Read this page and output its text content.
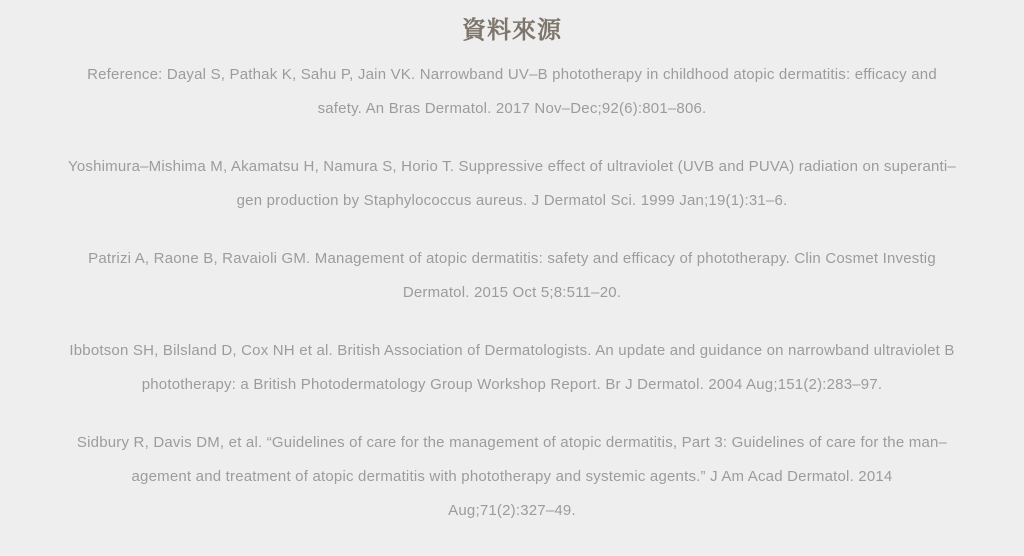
資料來源
Reference: Dayal S, Pathak K, Sahu P, Jain VK. Narrowband UV–B phototherapy in childhood atopic dermatitis: efficacy and
safety. An Bras Dermatol. 2017 Nov–Dec;92(6):801–806.
Yoshimura–Mishima M, Akamatsu H, Namura S, Horio T. Suppressive effect of ultraviolet (UVB and PUVA) radiation on superanti–
gen production by Staphylococcus aureus. J Dermatol Sci. 1999 Jan;19(1):31–6.
Patrizi A, Raone B, Ravaioli GM. Management of atopic dermatitis: safety and efficacy of phototherapy. Clin Cosmet Investig
Dermatol. 2015 Oct 5;8:511–20.
Ibbotson SH, Bilsland D, Cox NH et al. British Association of Dermatologists. An update and guidance on narrowband ultraviolet B
phototherapy: a British Photodermatology Group Workshop Report. Br J Dermatol. 2004 Aug;151(2):283–97.
Sidbury R, Davis DM, et al. “Guidelines of care for the management of atopic dermatitis, Part 3: Guidelines of care for the man–
agement and treatment of atopic dermatitis with phototherapy and systemic agents.” J Am Acad Dermatol. 2014
Aug;71(2):327–49.
